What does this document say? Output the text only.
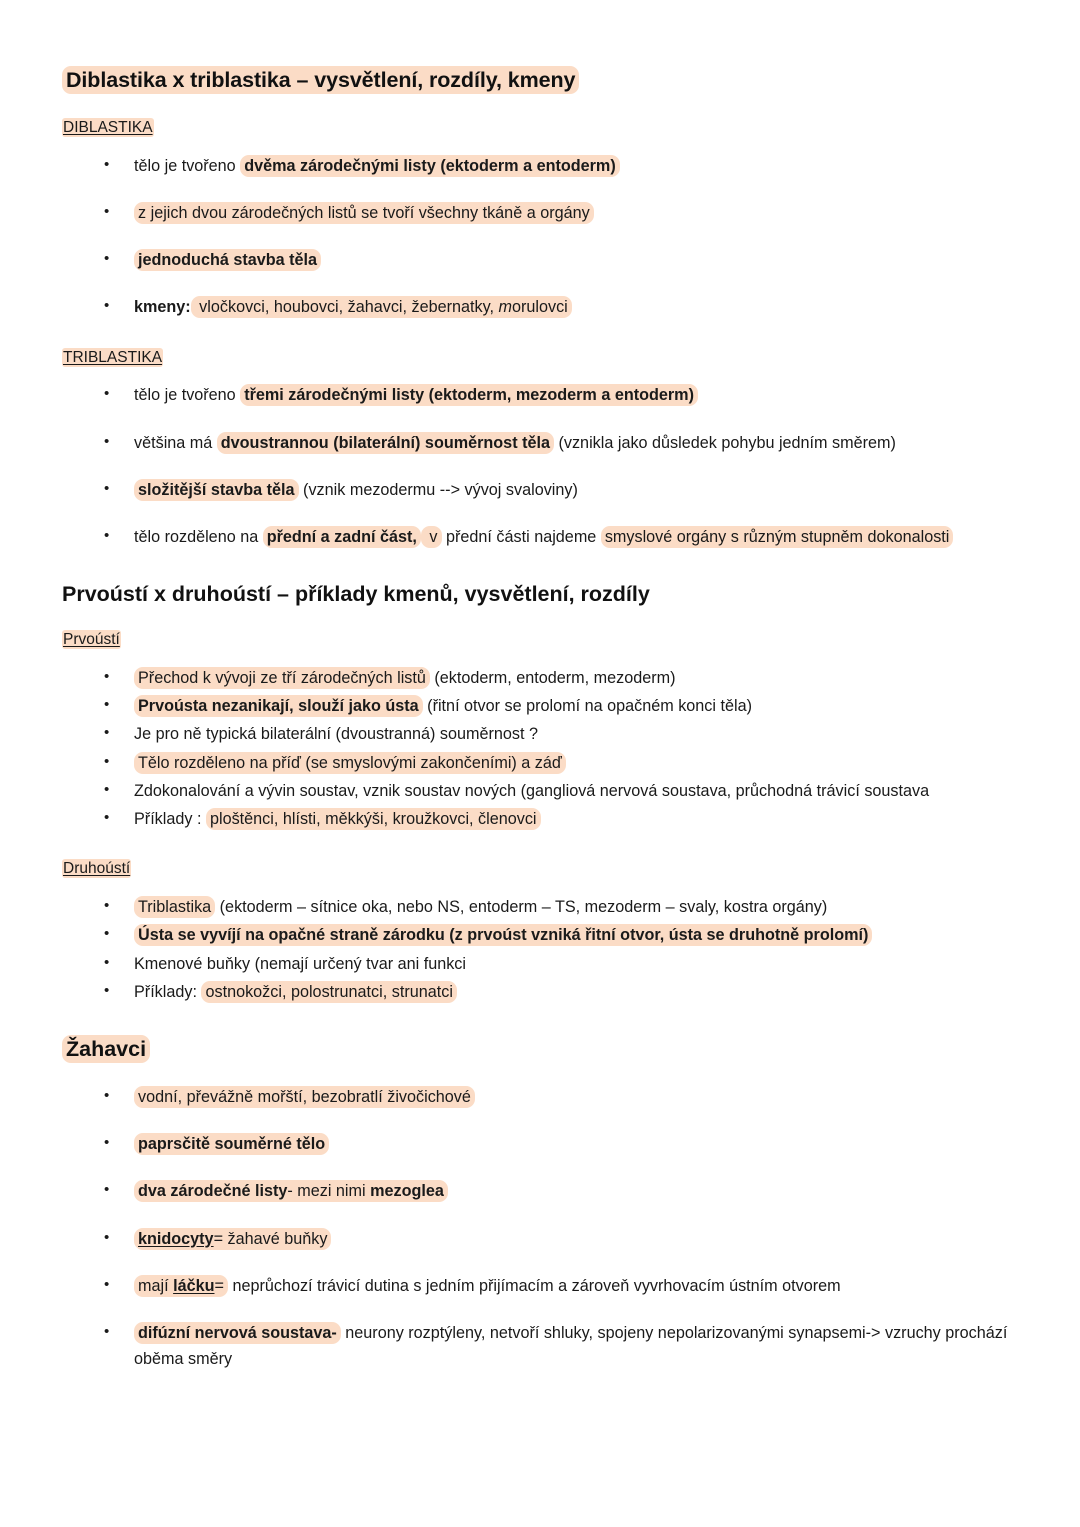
Diblastika x triblastika – vysvětlení, rozdíly, kmeny
DIBLASTIKA
• tělo je tvořeno dvěma zárodečnými listy (ektoderm a entoderm)
• z jejich dvou zárodečných listů se tvoří všechny tkáně a orgány
• jednoduchá stavba těla
• kmeny: vločkovci, houbovci, žahavci, žebernatky, morulovci
TRIBLASTIKA
• tělo je tvořeno třemi zárodečnými listy (ektoderm, mezoderm a entoderm)
• většina má dvoustrannou (bilaterální) souměrnost těla (vznikla jako důsledek pohybu jedním směrem)
• složitější stavba těla (vznik mezodermu --> vývoj svaloviny)
• tělo rozděleno na přední a zadní část, v přední části najdeme smyslové orgány s různým stupněm dokonalosti
Prvoústí x druhoústí – příklady kmenů, vysvětlení, rozdíly
Prvoústí
• Přechod k vývoji ze tří zárodečných listů (ektoderm, entoderm, mezoderm)
• Prvoústa nezanikají, slouží jako ústa (řitní otvor se prolomí na opačném konci těla)
• Je pro ně typická bilaterální (dvoustranná) souměrnost ?
• Tělo rozděleno na příď (se smyslovými zakončeními) a záď
• Zdokonalování a vývin soustav, vznik soustav nových (gangliová nervová soustava, průchodná trávicí soustava
• Příklady : ploštěnci, hlísti, měkkýši, kroužkovci, členovci
Druhoústí
• Triblastika (ektoderm – sítnice oka, nebo NS, entoderm – TS, mezoderm – svaly, kostra orgány)
• Ústa se vyvíjí na opačné straně zárodku (z prvoúst vzniká řitní otvor, ústa se druhotně prolomí)
• Kmenové buňky (nemají určený tvar ani funkci
• Příklady: ostnokožci, polostrunatci, strunatci
Žahavci
• vodní, převážně mořští, bezobratlí živočichové
• paprsčitě souměrné tělo
• dva zárodečné listy- mezi nimi mezoglea
• knidocyty= žahavé buňky
• mají láčku= neprůchozí trávicí dutina s jedním přijímacím a zároveň vyvrhovacím ústním otvorem
• difúzní nervová soustava- neurony rozptýleny, netvoří shluky, spojeny nepolarizovanými synapsemi-> vzruchy prochází oběma směry
